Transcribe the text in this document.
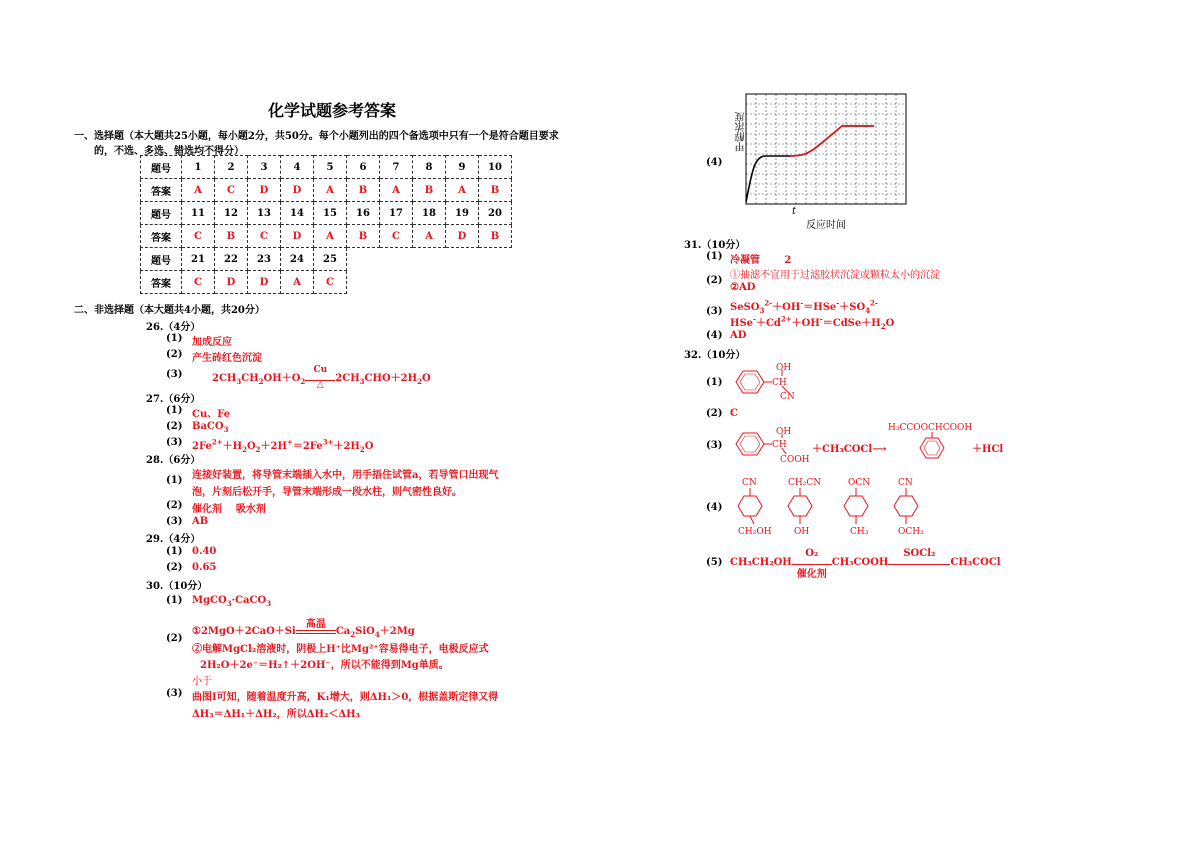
化学试题参考答案
一、选择题（本大题共25小题，每小题2分，共50分。每个小题列出的四个备选项中只有一个是符合题目要求
的，不选、多选、错选均不得分）
题号	1	2	3	4	5	6	7	8	9	10
答案	A	C	D	D	A	B	A	B	A	B
题号	11	12	13	14	15	16	17	18	19	20
答案	C	B	C	D	A	B	C	A	D	B
题号	21	22	23	24	25					
答案	C	D	D	A	C					
二、非选择题（本大题共4小题，共20分）
26.（4分）
(1) 加成反应
(2) 产生砖红色沉淀
(3)	$2CH_3CH_2OH+O_2$
Cu
△
$2CH_3CHO+2H_2O$
27.（6分）
(1) Cu、Fe
(2) BaCO$_3$
(3) $2Fe^{2+}+H_2O_2+2H^+=2Fe^{3+}+2H_2O$
28.（6分）
(1) 连接好装置，将导管末端插入水中，用手捂住试管a，若导管口出现气
泡，片刻后松开手，导管末端形成一段水柱，则气密性良好。
(2) 催化剂    吸水剂
(3) AB
29.（4分）
(1) 0.40
(2) 0.65
30.（10分）
(1) MgCO$_3$·CaCO$_3$
(2)
①2MgO＋2CaO＋Si
高温
$Ca_2SiO_4+2Mg$
②电解MgCl₂溶液时，阴极上H⁺比Mg²⁺容易得电子，电极反应式
2H₂O＋2e⁻＝H₂↑＋2OH⁻，所以不能得到Mg单质。
小于
(3) 曲图Ⅰ可知，随着温度升高，K₁增大，则ΔH₁＞0，根据盖斯定律又得
ΔH₃＝ΔH₁＋ΔH₂，所以ΔH₂＜ΔH₃
(4)
甲醇浓度
t
反应时间
31.（10分）
(1) 冷凝管       2
(2) ①抽滤不宜用于过滤胶状沉淀或颗粒太小的沉淀
②AD
(3) $SeSO_3^{2-}+OH^-=HSe^-+SO_4^{2-}$
$HSe^-+Cd^{2+}+OH^-=CdSe+H_2O$
(4) AD
32.（10分）
(1)	CH
OH
CN
(2) C
(3)	CH
OH
COOH
＋CH₃COCl⟶
H₃CCOOCHCOOH
＋HCl
(4)
CN
CH₂OH
CH₂CN
OH
OCN
CH₃
CN
OCH₃
(5) CH₃CH₂OH
O₂
催化剂
CH₃COOH
SOCl₂
CH₃COCl
